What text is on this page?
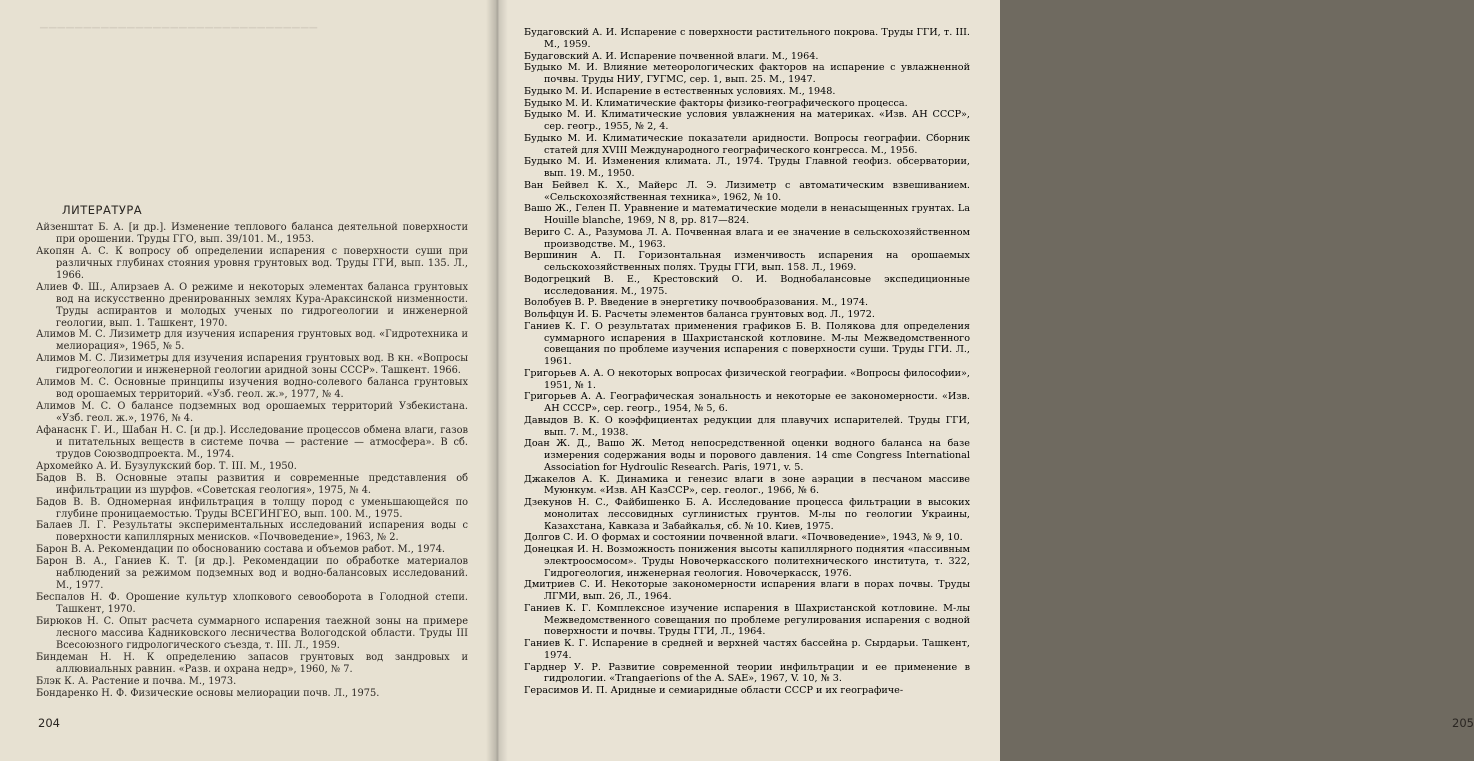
▁▁▁▁▁▁▁▁▁▁▁▁▁▁▁▁▁▁▁▁▁▁▁▁▁▁▁▁▁▁▁▁
ЛИТЕРАТУРА
Айзенштат Б. А. [и др.]. Изменение теплового баланса деятельной поверхности при орошении. Труды ГГО, вып. 39/101. М., 1953.
Акопян А. С. К вопросу об определении испарения с поверхности суши при различных глубинах стояния уровня грунтовых вод. Труды ГГИ, вып. 135. Л., 1966.
Алиев Ф. Ш., Алирзаев А. О режиме и некоторых элементах баланса грунтовых вод на искусственно дренированных землях Кура-Араксинской низменности. Труды аспирантов и молодых ученых по гидрогеологии и инженерной геологии, вып. 1. Ташкент, 1970.
Алимов М. С. Лизиметр для изучения испарения грунтовых вод. «Гидротехника и мелиорация», 1965, № 5.
Алимов М. С. Лизиметры для изучения испарения грунтовых вод. В кн. «Вопросы гидрогеологии и инженерной геологии аридной зоны СССР». Ташкент. 1966.
Алимов М. С. Основные принципы изучения водно-солевого баланса грунтовых вод орошаемых территорий. «Узб. геол. ж.», 1977, № 4.
Алимов М. С. О балансе подземных вод орошаемых территорий Узбекистана. «Узб. геол. ж.», 1976, № 4.
Афанаснк Г. И., Шабан Н. С. [и др.]. Исследование процессов обмена влаги, газов и питательных веществ в системе почва — растение — атмосфера». В сб. трудов Союзводпроекта. М., 1974.
Архомейко А. И. Бузулукский бор. Т. III. М., 1950.
Бадов В. В. Основные этапы развития и современные представления об инфильтрации из шурфов. «Советская геология», 1975, № 4.
Бадов В. В. Одномерная инфильтрация в толщу пород с уменьшающейся по глубине проницаемостью. Труды ВСЕГИНГЕО, вып. 100. М., 1975.
Балаев Л. Г. Результаты экспериментальных исследований испарения воды с поверхности капиллярных менисков. «Почвоведение», 1963, № 2.
Барон В. А. Рекомендации по обоснованию состава и объемов работ. М., 1974.
Барон В. А., Ганиев К. Т. [и др.]. Рекомендации по обработке материалов наблюдений за режимом подземных вод и водно-балансовых исследований. М., 1977.
Беспалов Н. Ф. Орошение культур хлопкового севооборота в Голодной степи. Ташкент, 1970.
Бирюков Н. С. Опыт расчета суммарного испарения таежной зоны на примере лесного массива Кадниковского лесничества Вологодской области. Труды III Всесоюзного гидрологического съезда, т. III. Л., 1959.
Биндеман Н. Н. К определению запасов грунтовых вод зандровых и аллювиальных равнин. «Разв. и охрана недр», 1960, № 7.
Блэк К. А. Растение и почва. М., 1973.
Бондаренко Н. Ф. Физические основы мелиорации почв. Л., 1975.
204	205
Будаговский А. И. Испарение с поверхности растительного покрова. Труды ГГИ, т. III. М., 1959.
Будаговский А. И. Испарение почвенной влаги. М., 1964.
Будыко М. И. Влияние метеорологических факторов на испарение с увлажненной почвы. Труды НИУ, ГУГМС, сер. 1, вып. 25. М., 1947.
Будыко М. И. Испарение в естественных условиях. М., 1948.
Будыко М. И. Климатические факторы физико-географического процесса.
Будыко М. И. Климатические условия увлажнения на материках. «Изв. АН СССР», сер. геогр., 1955, № 2, 4.
Будыко М. И. Климатические показатели аридности. Вопросы географии. Сборник статей для XVIII Международного географического конгресса. М., 1956.
Будыко М. И. Изменения климата. Л., 1974. Труды Главной геофиз. обсерватории, вып. 19. М., 1950.
Ван Бейвел К. Х., Майерс Л. Э. Лизиметр с автоматическим взвешиванием. «Сельскохозяйственная техника», 1962, № 10.
Вашо Ж., Гелен П. Уравнение и математические модели в ненасыщенных грунтах. La Houille blanche, 1969, N 8, pp. 817—824.
Вериго С. А., Разумова Л. А. Почвенная влага и ее значение в сельскохозяйственном производстве. М., 1963.
Вершинин А. П. Горизонтальная изменчивость испарения на орошаемых сельскохозяйственных полях. Труды ГГИ, вып. 158. Л., 1969.
Водогрецкий В. Е., Крестовский О. И. Воднобалансовые экспедиционные исследования. М., 1975.
Волобуев В. Р. Введение в энергетику почвообразования. М., 1974.
Вольфцун И. Б. Расчеты элементов баланса грунтовых вод. Л., 1972.
Ганиев К. Г. О результатах применения графиков Б. В. Полякова для определения суммарного испарения в Шахристанской котловине. М-лы Межведомственного совещания по проблеме изучения испарения с поверхности суши. Труды ГГИ. Л., 1961.
Григорьев А. А. О некоторых вопросах физической географии. «Вопросы философии», 1951, № 1.
Григорьев А. А. Географическая зональность и некоторые ее закономерности. «Изв. АН СССР», сер. геогр., 1954, № 5, 6.
Давыдов В. К. О коэффициентах редукции для плавучих испарителей. Труды ГГИ, вып. 7. М., 1938.
Доан Ж. Д., Вашо Ж. Метод непосредственной оценки водного баланса на базе измерения содержания воды и порового давления. 14 cme Congress International Association for Hydroulic Research. Paris, 1971, v. 5.
Джакелов А. К. Динамика и генезис влаги в зоне аэрации в песчаном массиве Муюнкум. «Изв. АН КазССР», сер. геолог., 1966, № 6.
Дзекунов Н. С., Файбишенко Б. А. Исследование процесса фильтрации в высоких монолитах лессовидных суглинистых грунтов. М-лы по геологии Украины, Казахстана, Кавказа и Забайкалья, сб. № 10. Киев, 1975.
Долгов С. И. О формах и состоянии почвенной влаги. «Почвоведение», 1943, № 9, 10.
Донецкая И. Н. Возможность понижения высоты капиллярного поднятия «пассивным электроосмосом». Труды Новочеркасского политехнического института, т. 322, Гидрогеология, инженерная геология. Новочеркасск, 1976.
Дмитриев С. И. Некоторые закономерности испарения влаги в порах почвы. Труды ЛГМИ, вып. 26, Л., 1964.
Ганиев К. Г. Комплексное изучение испарения в Шахристанской котловине. М-лы Межведомственного совещания по проблеме регулирования испарения с водной поверхности и почвы. Труды ГГИ, Л., 1964.
Ганиев К. Г. Испарение в средней и верхней частях бассейна р. Сырдарьи. Ташкент, 1974.
Гарднер У. Р. Развитие современной теории инфильтрации и ее применение в гидрологии. «Trangaerions of the A. SAE», 1967, V. 10, № 3.
Герасимов И. П. Аридные и семиаридные области СССР и их географиче-
